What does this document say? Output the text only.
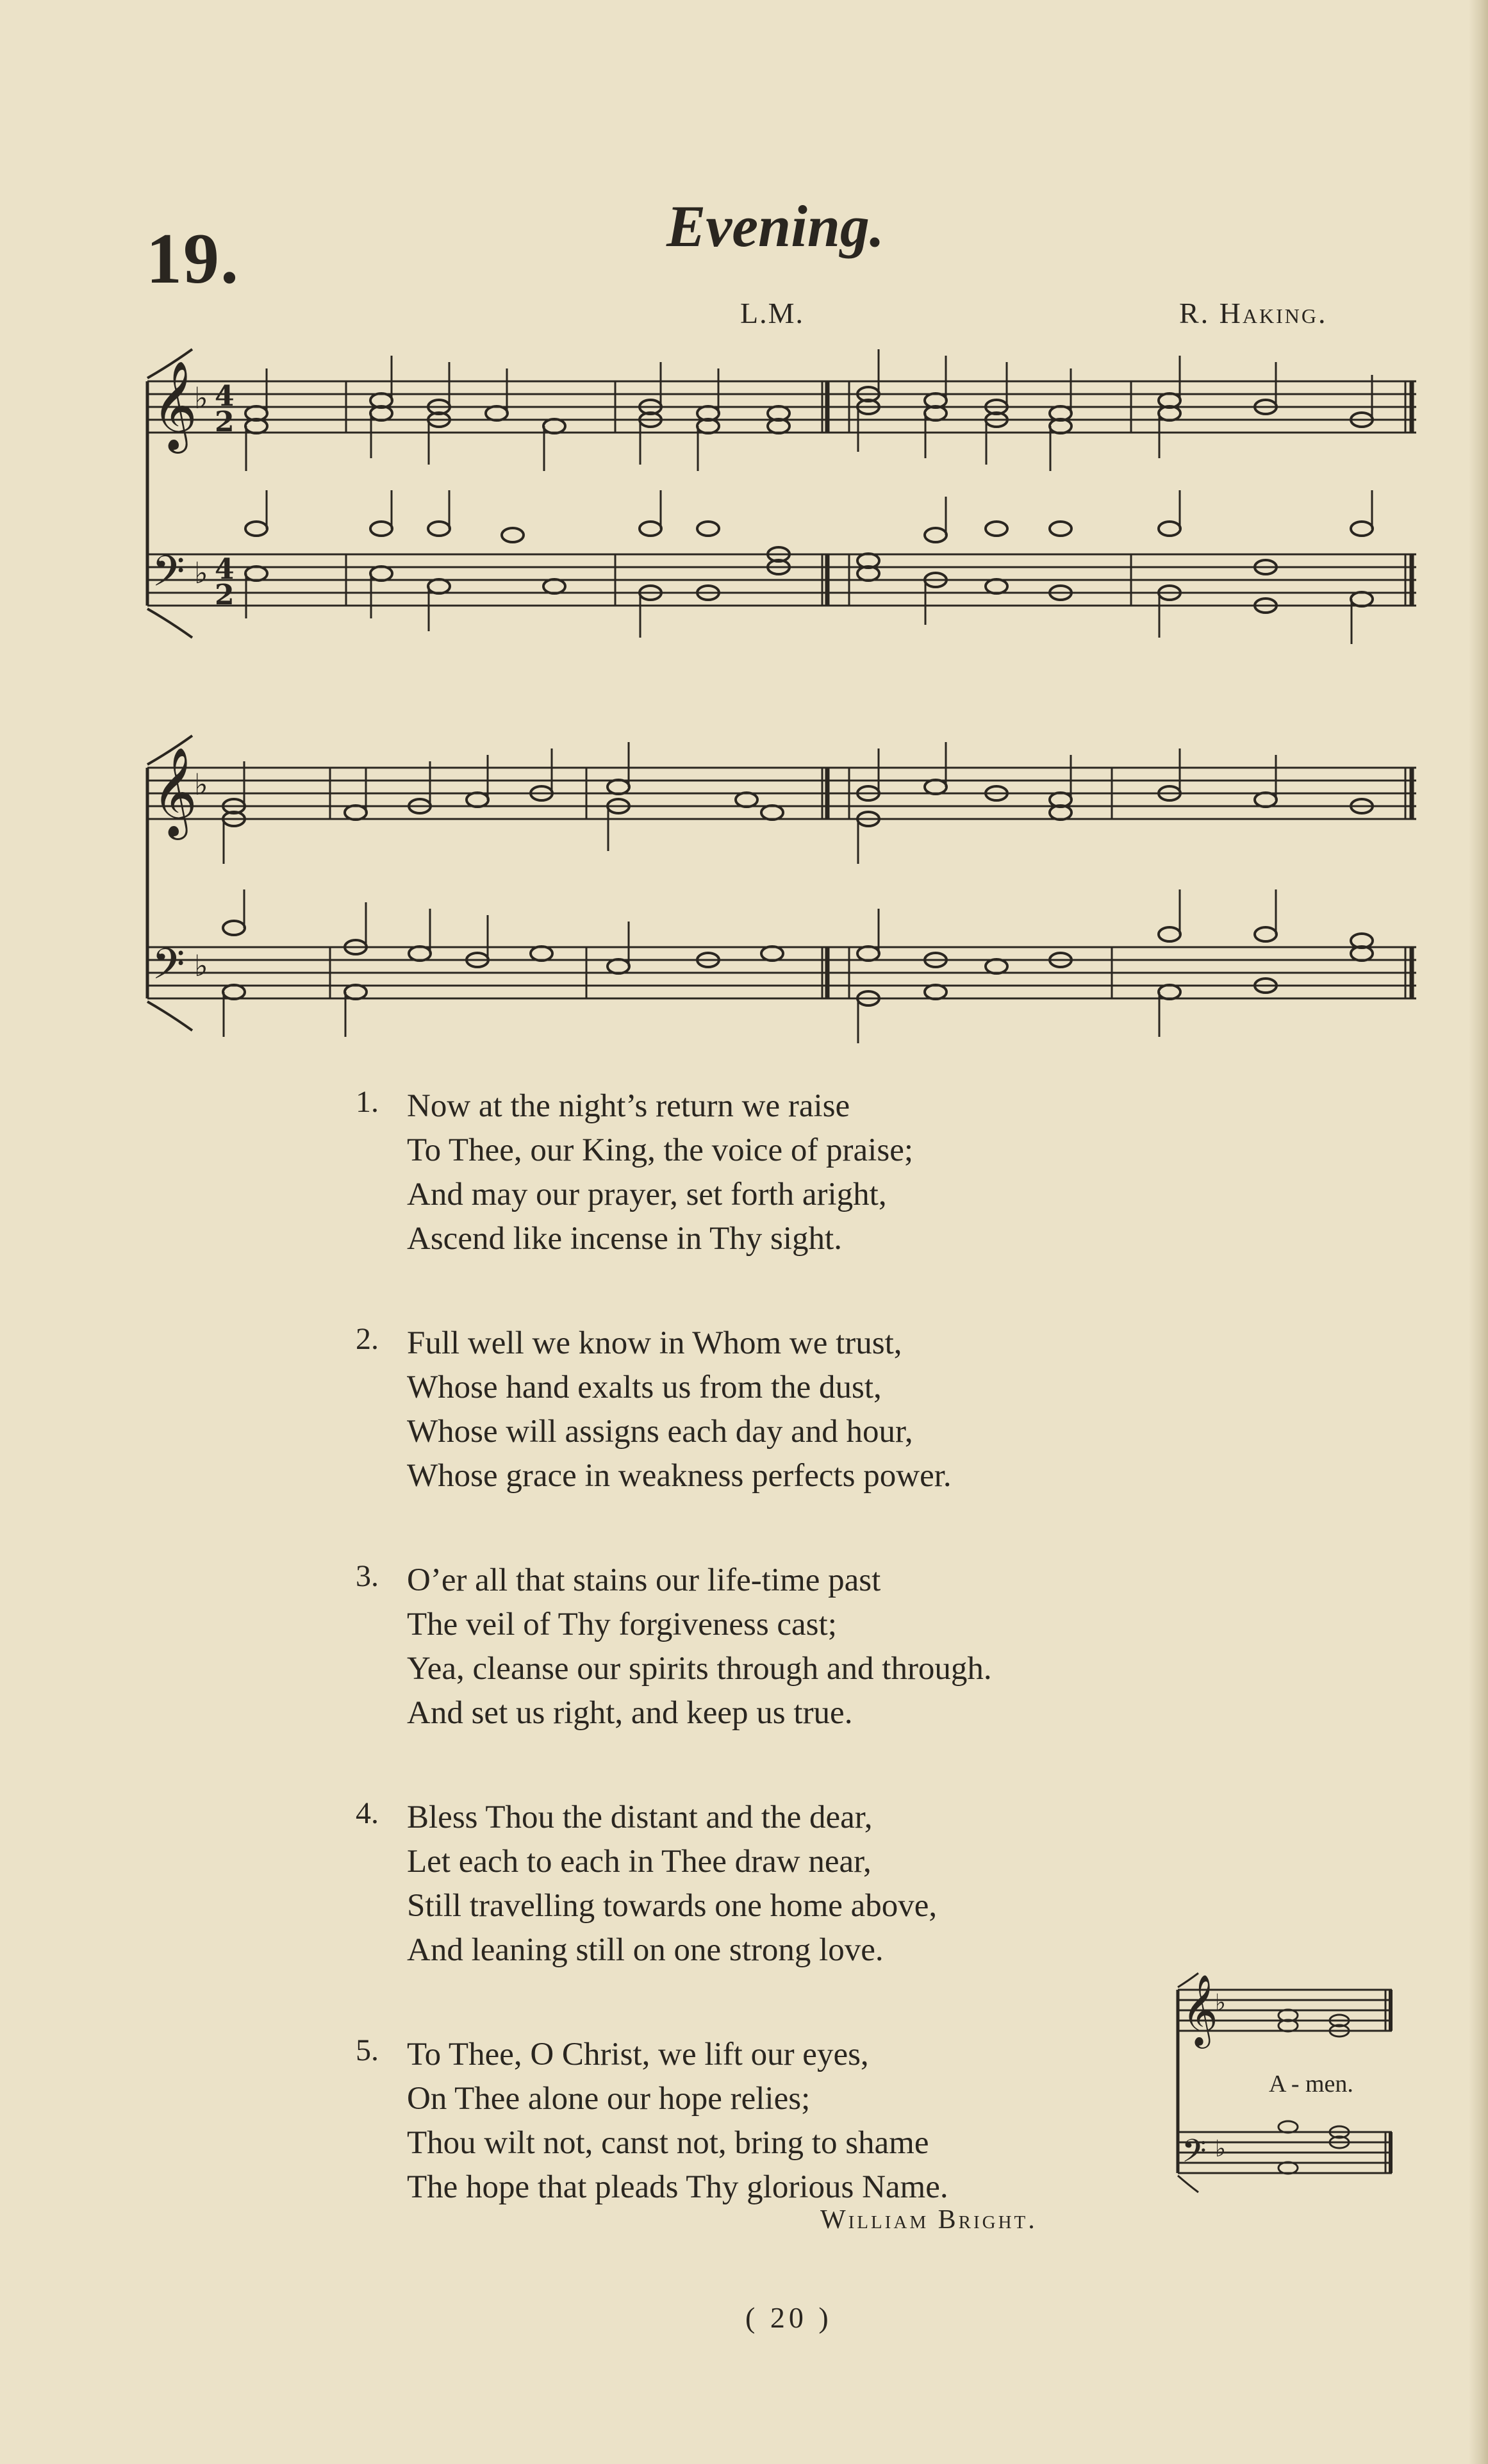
19.	Evening.
L.M.	R. Haking.
𝄞
𝄢
♭
♭
4
2
4
2
𝄞
𝄢
♭
♭
1. Now at the night’s return we raise
To Thee, our King, the voice of praise;
And may our prayer, set forth aright,
Ascend like incense in Thy sight.
2. Full well we know in Whom we trust,
Whose hand exalts us from the dust,
Whose will assigns each day and hour,
Whose grace in weakness perfects power.
3. O’er all that stains our life-time past
The veil of Thy forgiveness cast;
Yea, cleanse our spirits through and through.
And set us right, and keep us true.
4. Bless Thou the distant and the dear,
Let each to each in Thee draw near,
Still travelling towards one home above,
And leaning still on one strong love.
5. To Thee, O Christ, we lift our eyes,
On Thee alone our hope relies;
Thou wilt not, canst not, bring to shame
The hope that pleads Thy glorious Name.
William Bright.
𝄞
𝄢
♭
♭
A - men.
( 20 )
